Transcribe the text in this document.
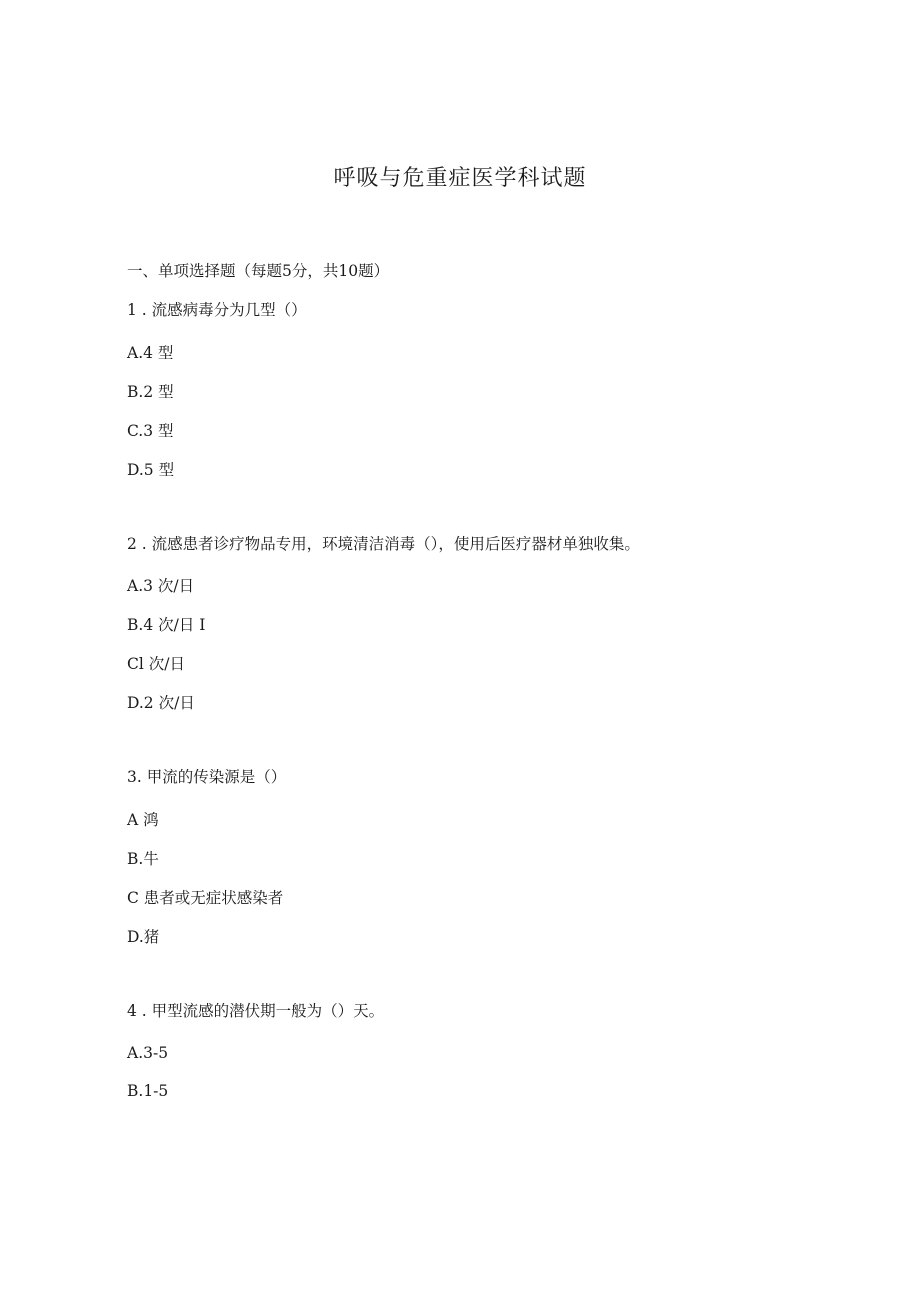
呼吸与危重症医学科试题
一、单项选择题（每题5分，共10题）
1 . 流感病毒分为几型（）
A.4 型
B.2 型
C.3 型
D.5 型
2 . 流感患者诊疗物品专用，环境清洁消毒（），使用后医疗器材单独收集。
A.3 次/日
B.4 次/日 I
Cl 次/日
D.2 次/日
3. 甲流的传染源是（）
A 鸿
B.牛
C 患者或无症状感染者
D.猪
4 . 甲型流感的潜伏期一般为（）天。
A.3-5
B.1-5
